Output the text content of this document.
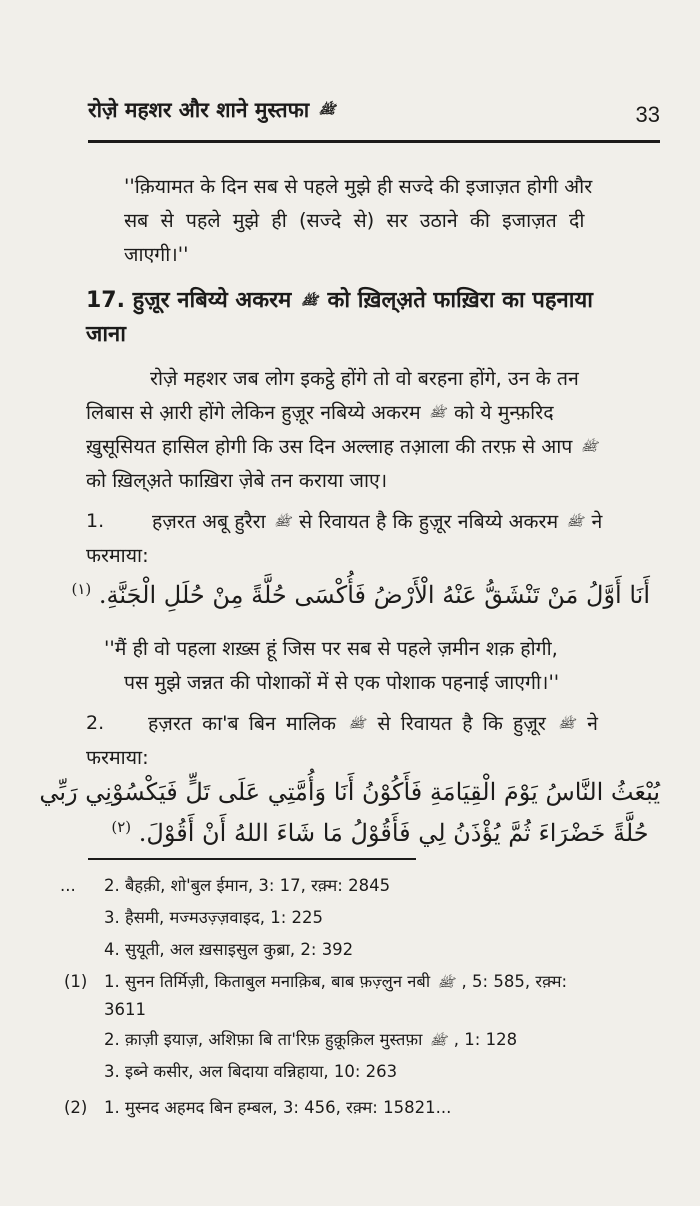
रोज़े महशर और शाने मुस्तफा ﷺ	33
''क़ियामत के दिन सब से पहले मुझे ही सज्दे की इजाज़त होगी और
सब से पहले मुझे ही (सज्दे से) सर उठाने की इजाज़त दी
जाएगी।''
17. हुज़ूर नबिय्ये अकरम ﷺ को ख़िल्अ़ते फाख़िरा का पहनाया
जाना
रोज़े महशर जब लोग इकट्ठे होंगे तो वो बरहना होंगे, उन के तन
लिबास से आ़री होंगे लेकिन हुज़ूर नबिय्ये अकरम ﷺ को ये मुन्फ़रिद
ख़ुसूसियत हासिल होगी कि उस दिन अल्लाह तआ़ला की तरफ़ से आप ﷺ
को ख़िल्अ़ते फाख़िरा ज़ेबे तन कराया जाए।
1. हज़रत अबू हुरैरा ﷺ से रिवायत है कि हुज़ूर नबिय्ये अकरम ﷺ ने
फरमाया:
أَنَا أَوَّلُ مَنْ تَنْشَقُّ عَنْهُ الْأَرْضُ فَأُكْسَى حُلَّةً مِنْ حُلَلِ الْجَنَّةِ. $^{(١)}$
''मैं ही वो पहला शख़्स हूं जिस पर सब से पहले ज़मीन शक़ होगी,
पस मुझे जन्नत की पोशाकों में से एक पोशाक पहनाई जाएगी।''
2. हज़रत का'ब बिन मालिक ﷺ से रिवायत है कि हुज़ूर ﷺ ने
फरमाया:
يُبْعَثُ النَّاسُ يَوْمَ الْقِيَامَةِ فَأَكُوْنُ أَنَا وَأُمَّتِي عَلَى تَلٍّ فَيَكْسُوْنِي رَبِّي
حُلَّةً خَضْرَاءَ ثُمَّ يُؤْذَنُ لِي فَأَقُوْلُ مَا شَاءَ اللهُ أَنْ أَقُوْلَ. $^{(٢)}$
... 2. बैहक़ी, शो'बुल ईमान, 3: 17, रक़्म: 2845
3. हैसमी, मज्मउज़्ज़वाइद, 1: 225
4. सुयूती, अल ख़साइसुल कुब्रा, 2: 392
(1) 1. सुनन तिर्मिज़ी, किताबुल मनाक़िब, बाब फ़ज़्लुन नबी ﷺ , 5: 585, रक़्म:
3611
2. क़ाज़ी इयाज़, अशिफ़ा बि ता'रिफ़ हुक़ूक़िल मुस्तफ़ा ﷺ , 1: 128
3. इब्ने कसीर, अल बिदाया वन्निहाया, 10: 263
(2) 1. मुस्नद अहमद बिन हम्बल, 3: 456, रक़्म: 15821...
